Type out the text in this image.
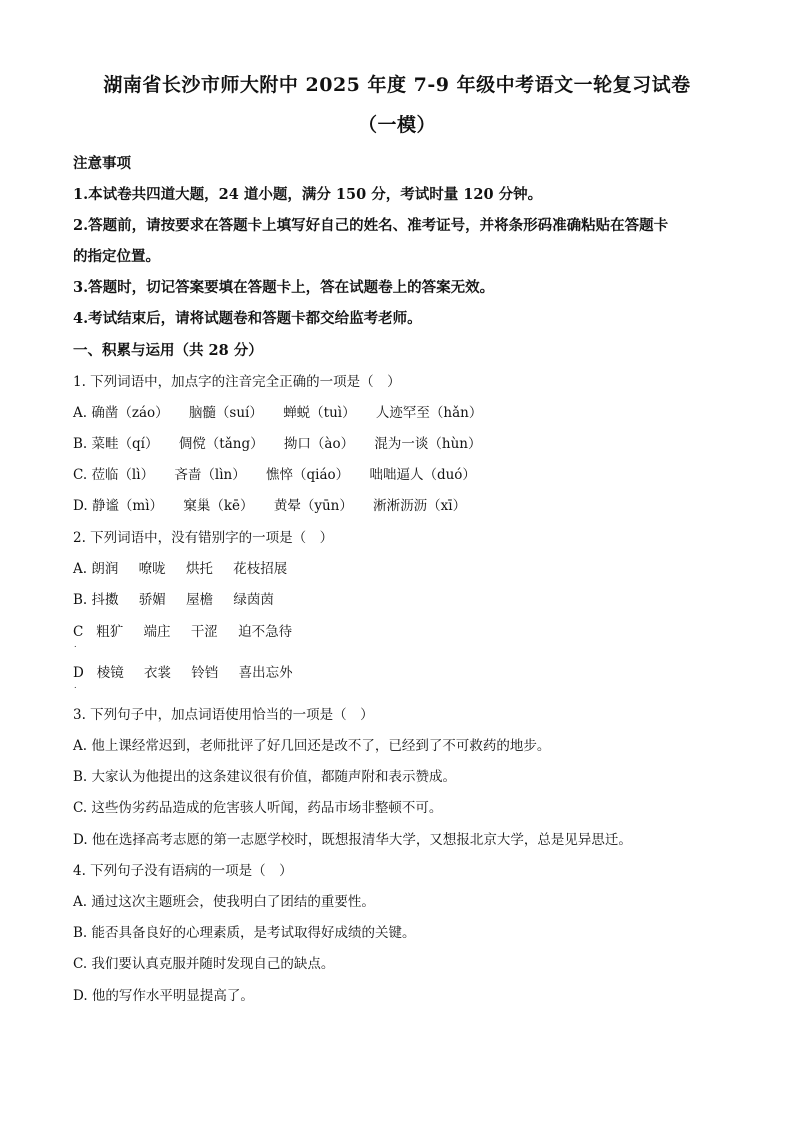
湖南省长沙市师大附中 2025 年度 7-9 年级中考语文一轮复习试卷
（一模）
注意事项
1.本试卷共四道大题，24 道小题，满分 150 分，考试时量 120 分钟。
2.答题前，请按要求在答题卡上填写好自己的姓名、准考证号，并将条形码准确粘贴在答题卡
的指定位置。
3.答题时，切记答案要填在答题卡上，答在试题卷上的答案无效。
4.考试结束后，请将试题卷和答题卡都交给监考老师。
一、积累与运用（共 28 分）
1. 下列词语中，加点字的注音完全正确的一项是（　）
A. 确凿（záo） 脑髓（suí） 蝉蜕（tuì） 人迹罕至（hǎn）
B. 菜畦（qí） 倜傥（tǎng） 拗口（ào） 混为一谈（hùn）
C. 莅临（lì） 吝啬（lìn） 憔悴（qiáo） 咄咄逼人（duó）
D. 静谧（mì） 窠巢（kē） 黄晕（yūn） 淅淅沥沥（xī）
2. 下列词语中，没有错别字的一项是（　）
A. 朗润 嘹咙 烘托 花枝招展
B. 抖擞 骄媚 屋檐 绿茵茵
C
.
粗犷 端庄 干涩 迫不急待
D
.
棱镜 衣裳 铃铛 喜出忘外
3. 下列句子中，加点词语使用恰当的一项是（　）
A. 他上课经常迟到，老师批评了好几回还是改不了，已经到了不可救药的地步。
B. 大家认为他提出的这条建议很有价值，都随声附和表示赞成。
C. 这些伪劣药品造成的危害骇人听闻，药品市场非整顿不可。
D. 他在选择高考志愿的第一志愿学校时，既想报清华大学，又想报北京大学，总是见异思迁。
4. 下列句子没有语病的一项是（　）
A. 通过这次主题班会，使我明白了团结的重要性。
B. 能否具备良好的心理素质，是考试取得好成绩的关键。
C. 我们要认真克服并随时发现自己的缺点。
D. 他的写作水平明显提高了。
